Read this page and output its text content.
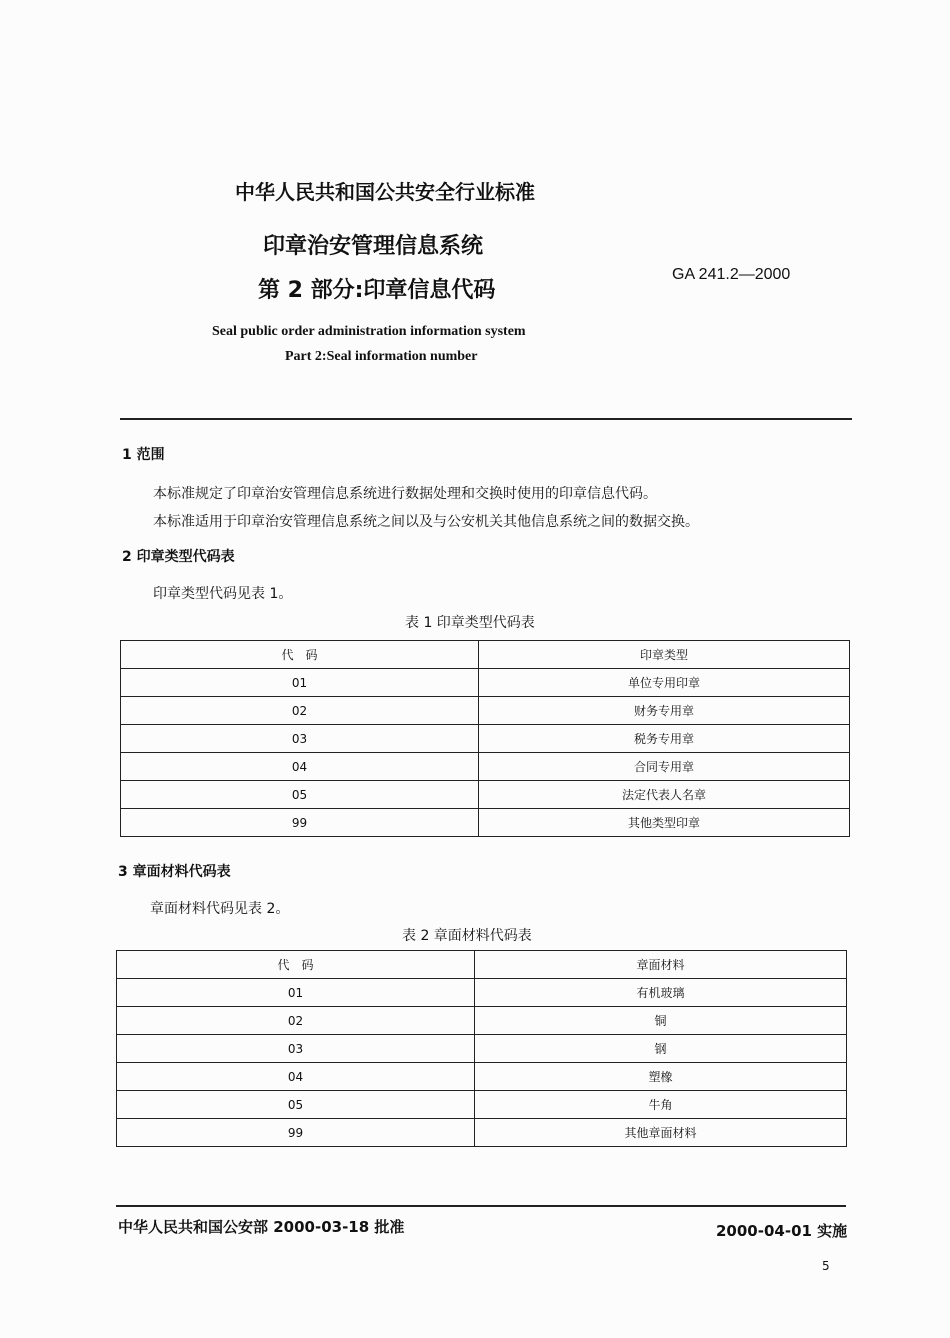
中华人民共和国公共安全行业标准
印章治安管理信息系统
第 2 部分:印章信息代码
GA 241.2—2000
Seal public order administration information system
Part 2:Seal information number
1 范围
本标准规定了印章治安管理信息系统进行数据处理和交换时使用的印章信息代码。
本标准适用于印章治安管理信息系统之间以及与公安机关其他信息系统之间的数据交换。
2 印章类型代码表
印章类型代码见表 1。
表 1 印章类型代码表
代　码	印章类型
01	单位专用印章
02	财务专用章
03	税务专用章
04	合同专用章
05	法定代表人名章
99	其他类型印章
3 章面材料代码表
章面材料代码见表 2。
表 2 章面材料代码表
代　码	章面材料
01	有机玻璃
02	铜
03	钢
04	塑橡
05	牛角
99	其他章面材料
中华人民共和国公安部 2000-03-18 批准	2000-04-01 实施
5
